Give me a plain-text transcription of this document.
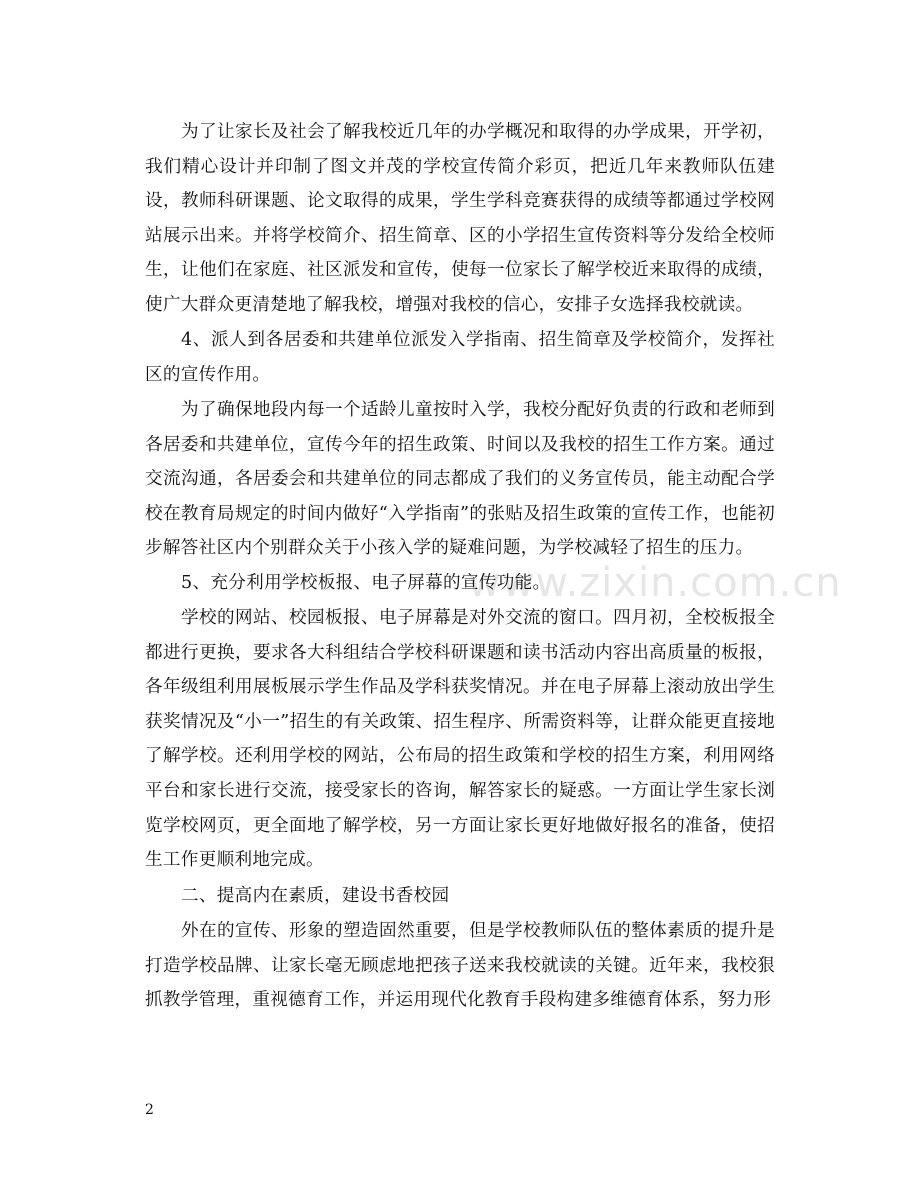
www.zixin.com.cn

为了让家长及社会了解我校近几年的办学概况和取得的办学成果，开学初，我们精心设计并印制了图文并茂的学校宣传简介彩页，把近几年来教师队伍建设，教师科研课题、论文取得的成果，学生学科竞赛获得的成绩等都通过学校网站展示出来。并将学校简介、招生简章、区的小学招生宣传资料等分发给全校师生，让他们在家庭、社区派发和宣传，使每一位家长了解学校近来取得的成绩，使广大群众更清楚地了解我校，增强对我校的信心，安排子女选择我校就读。

4、派人到各居委和共建单位派发入学指南、招生简章及学校简介，发挥社区的宣传作用。

为了确保地段内每一个适龄儿童按时入学，我校分配好负责的行政和老师到各居委和共建单位，宣传今年的招生政策、时间以及我校的招生工作方案。通过交流沟通，各居委会和共建单位的同志都成了我们的义务宣传员，能主动配合学校在教育局规定的时间内做好“入学指南”的张贴及招生政策的宣传工作，也能初步解答社区内个别群众关于小孩入学的疑难问题，为学校减轻了招生的压力。

5、充分利用学校板报、电子屏幕的宣传功能。

学校的网站、校园板报、电子屏幕是对外交流的窗口。四月初，全校板报全都进行更换，要求各大科组结合学校科研课题和读书活动内容出高质量的板报，各年级组利用展板展示学生作品及学科获奖情况。并在电子屏幕上滚动放出学生获奖情况及“小一”招生的有关政策、招生程序、所需资料等，让群众能更直接地了解学校。还利用学校的网站，公布局的招生政策和学校的招生方案，利用网络平台和家长进行交流，接受家长的咨询，解答家长的疑惑。一方面让学生家长浏览学校网页，更全面地了解学校，另一方面让家长更好地做好报名的准备，使招生工作更顺利地完成。

二、提高内在素质，建设书香校园

外在的宣传、形象的塑造固然重要，但是学校教师队伍的整体素质的提升是打造学校品牌、让家长毫无顾虑地把孩子送来我校就读的关键。近年来，我校狠抓教学管理，重视德育工作，并运用现代化教育手段构建多维德育体系，努力形

2
